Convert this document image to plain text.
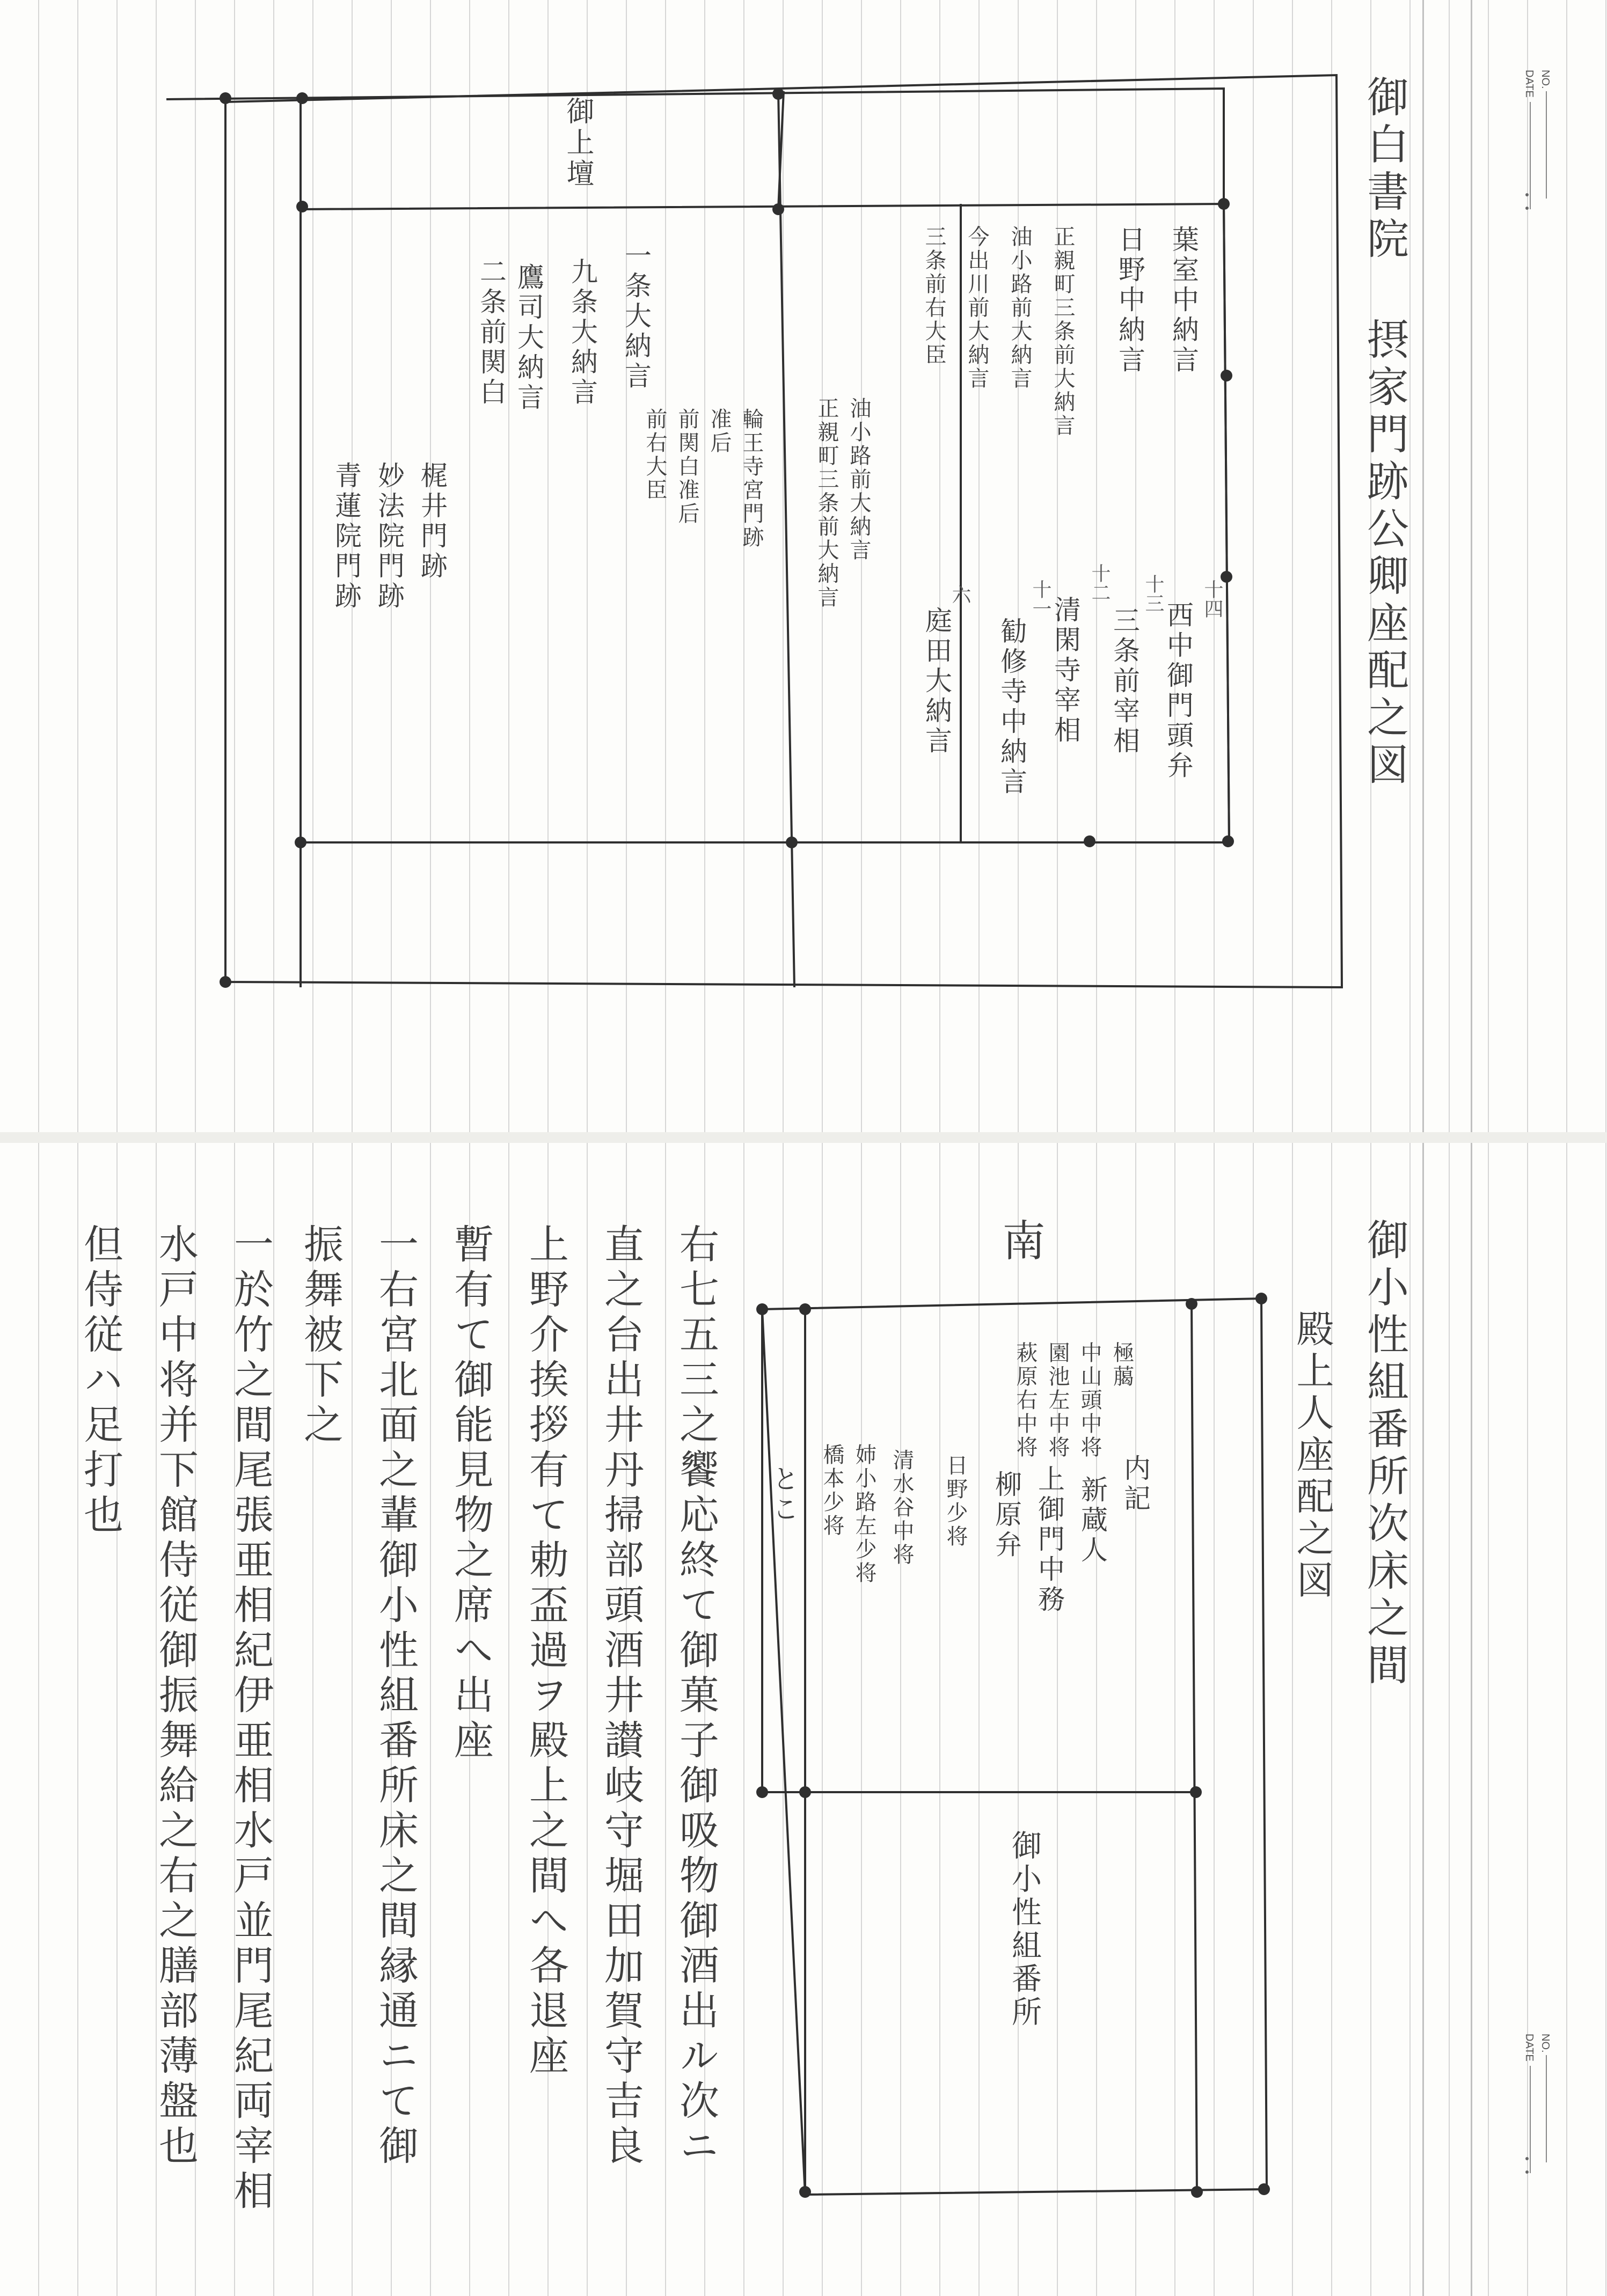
NO.
DATE
御白書院 摂家門跡公卿座配之図
御上壇
十四
西中御門頭弁
十三
三条前宰相
十二
清閑寺宰相
十一
勧修寺中納言
六
庭田大納言
葉室中納言
日野中納言
正親町三条前大納言
油小路前大納言
今出川前大納言
三条前右大臣
正親町三条前大納言 油小路前大納言
一条大納言
九条大納言
鷹司大納言
二条前関白
輪王寺宮門跡
准后
前関白准后
前右大臣
梶井門跡
妙法院門跡
青蓮院門跡
NO.
DATE
御小性組番所次床之間
殿上人座配之図
南
とこ	内記
新蔵人
上御門中務
柳原弁
極﨟
中山頭中将
園池左中将
萩原右中将
清水谷中将
姉小路左少将
橋本少将	日野少将
御小性組番所
右七五三之饗応終て御菓子御吸物御酒出ル次ニ
直之台出井丹掃部頭酒井讃岐守堀田加賀守吉良
上野介挨拶有て勅盃過ヲ殿上之間へ各退座
暫有て御能見物之席へ出座
一右宮北面之輩御小性組番所床之間縁通ニて御
振舞被下之
一於竹之間尾張亜相紀伊亜相水戸並門尾紀両宰相
水戸中将并下館侍従御振舞給之右之膳部薄盤也
但侍従ハ足打也
